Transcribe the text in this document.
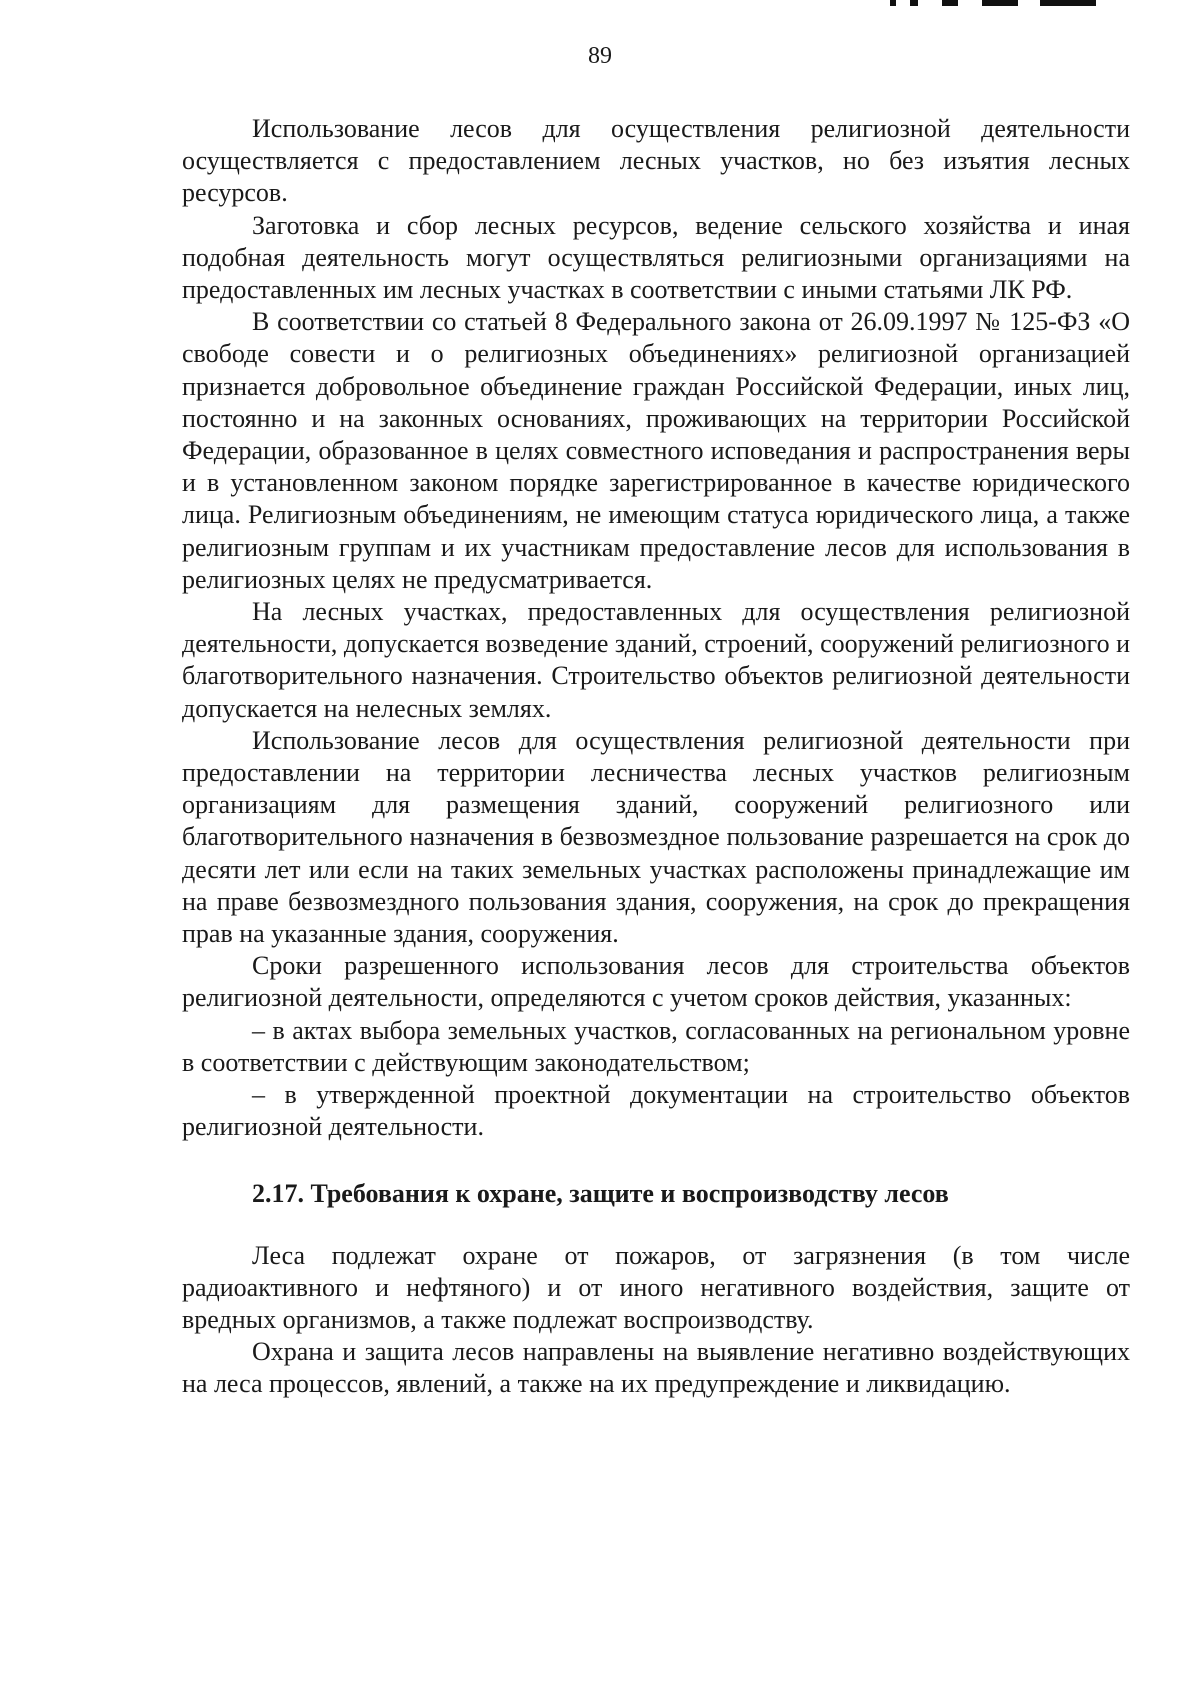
89

Использование лесов для осуществления религиозной деятельности осуществляется с предоставлением лесных участков, но без изъятия лесных ресурсов.

Заготовка и сбор лесных ресурсов, ведение сельского хозяйства и иная подобная деятельность могут осуществляться религиозными организациями на предоставленных им лесных участках в соответствии с иными статьями ЛК РФ.

В соответствии со статьей 8 Федерального закона от 26.09.1997 № 125-ФЗ «О свободе совести и о религиозных объединениях» религиозной организацией признается добровольное объединение граждан Российской Федерации, иных лиц, постоянно и на законных основаниях, проживающих на территории Российской Федерации, образованное в целях совместного исповедания и распространения веры и в установленном законом порядке зарегистрированное в качестве юридического лица. Религиозным объединениям, не имеющим статуса юридического лица, а также религиозным группам и их участникам предоставление лесов для использования в религиозных целях не предусматривается.

На лесных участках, предоставленных для осуществления религиозной деятельности, допускается возведение зданий, строений, сооружений религиозного и благотворительного назначения. Строительство объектов религиозной деятельности допускается на нелесных землях.

Использование лесов для осуществления религиозной деятельности при предоставлении на территории лесничества лесных участков религиозным организациям для размещения зданий, сооружений религиозного или благотворительного назначения в безвозмездное пользование разрешается на срок до десяти лет или если на таких земельных участках расположены принадлежащие им на праве безвозмездного пользования здания, сооружения, на срок до прекращения прав на указанные здания, сооружения.

Сроки разрешенного использования лесов для строительства объектов религиозной деятельности, определяются с учетом сроков действия, указанных:

– в актах выбора земельных участков, согласованных на региональном уровне в соответствии с действующим законодательством;

– в утвержденной проектной документации на строительство объектов религиозной деятельности.

2.17. Требования к охране, защите и воспроизводству лесов

Леса подлежат охране от пожаров, от загрязнения (в том числе радиоактивного и нефтяного) и от иного негативного воздействия, защите от вредных организмов, а также подлежат воспроизводству.

Охрана и защита лесов направлены на выявление негативно воздействующих на леса процессов, явлений, а также на их предупреждение и ликвидацию.
